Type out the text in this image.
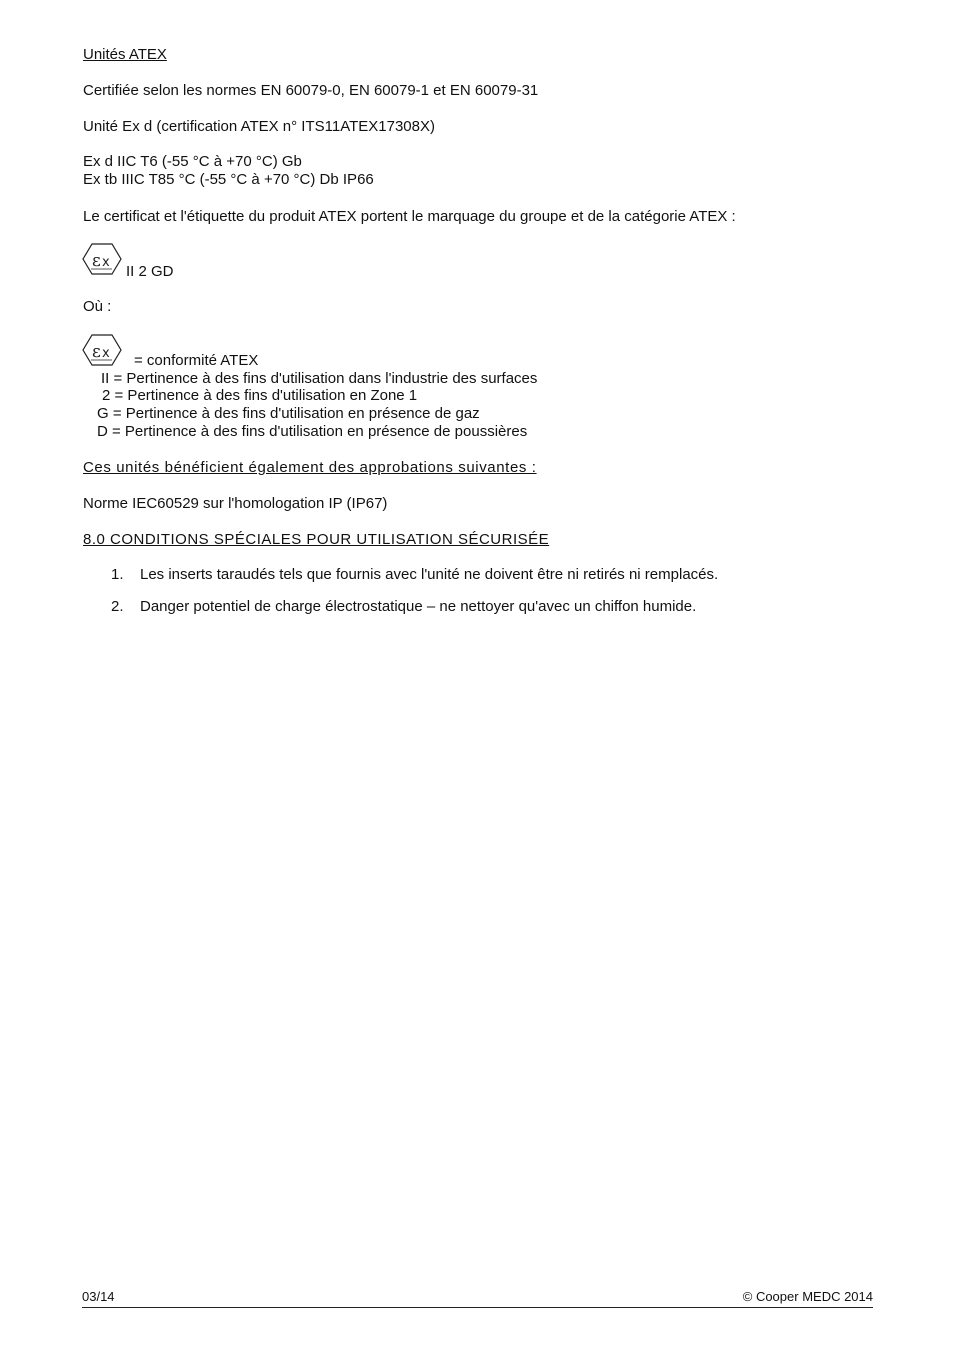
Unités ATEX
Certifiée selon les normes EN 60079-0, EN 60079-1 et EN 60079-31
Unité Ex d (certification ATEX n° ITS11ATEX17308X)
Ex d IIC T6 (-55 °C à +70 °C) Gb
Ex tb IIIC T85 °C (-55 °C à +70 °C) Db IP66
Le certificat et l'étiquette du produit ATEX portent le marquage du groupe et de la catégorie ATEX :
ε x
II 2 GD
Où :
ε x = conformité ATEX
II = Pertinence à des fins d'utilisation dans l'industrie des surfaces
2 = Pertinence à des fins d'utilisation en Zone 1
G = Pertinence à des fins d'utilisation en présence de gaz
D = Pertinence à des fins d'utilisation en présence de poussières
Ces unités bénéficient également des approbations suivantes :
Norme IEC60529 sur l'homologation IP (IP67)
8.0 CONDITIONS SPÉCIALES POUR UTILISATION SÉCURISÉE
1. Les inserts taraudés tels que fournis avec l'unité ne doivent être ni retirés ni remplacés.
2. Danger potentiel de charge électrostatique – ne nettoyer qu'avec un chiffon humide.
03/14	© Cooper MEDC 2014
